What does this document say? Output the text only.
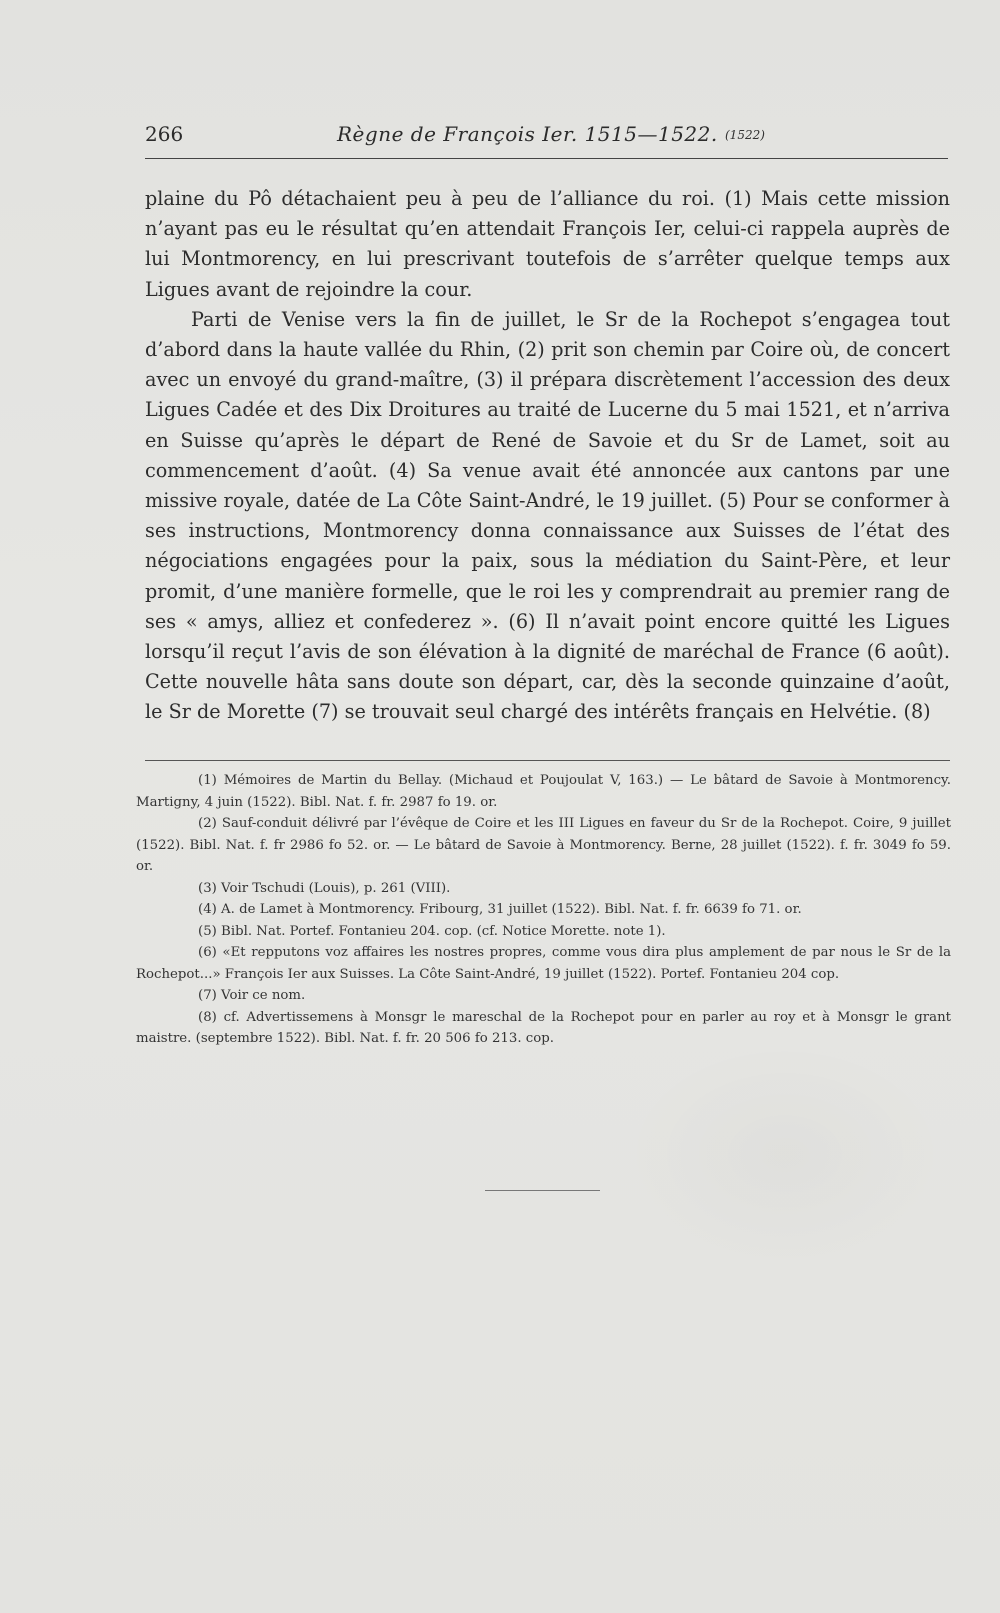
266	Règne de François Ier. 1515—1522. (1522)

plaine du Pô détachaient peu à peu de l’alliance du roi. (1) Mais cette mission n’ayant pas eu le résultat qu’en attendait François Ier, celui-ci rappela auprès de lui Montmorency, en lui prescrivant toutefois de s’arrêter quelque temps aux Ligues avant de rejoindre la cour.

Parti de Venise vers la fin de juillet, le Sr de la Rochepot s’engagea tout d’abord dans la haute vallée du Rhin, (2) prit son chemin par Coire où, de concert avec un envoyé du grand-maître, (3) il prépara discrètement l’accession des deux Ligues Cadée et des Dix Droitures au traité de Lucerne du 5 mai 1521, et n’arriva en Suisse qu’après le départ de René de Savoie et du Sr de Lamet, soit au commencement d’août. (4) Sa venue avait été annoncée aux cantons par une missive royale, datée de La Côte Saint-André, le 19 juillet. (5) Pour se conformer à ses instructions, Montmorency donna connaissance aux Suisses de l’état des négociations engagées pour la paix, sous la médiation du Saint-Père, et leur promit, d’une manière formelle, que le roi les y comprendrait au premier rang de ses « amys, alliez et confederez ». (6) Il n’avait point encore quitté les Ligues lorsqu’il reçut l’avis de son élévation à la dignité de maréchal de France (6 août). Cette nouvelle hâta sans doute son départ, car, dès la seconde quinzaine d’août, le Sr de Morette (7) se trouvait seul chargé des intérêts français en Helvétie. (8)

(1) Mémoires de Martin du Bellay. (Michaud et Poujoulat V, 163.) — Le bâtard de Savoie à Montmorency. Martigny, 4 juin (1522). Bibl. Nat. f. fr. 2987 fo 19. or.

(2) Sauf-conduit délivré par l’évêque de Coire et les III Ligues en faveur du Sr de la Rochepot. Coire, 9 juillet (1522). Bibl. Nat. f. fr 2986 fo 52. or. — Le bâtard de Savoie à Montmorency. Berne, 28 juillet (1522). f. fr. 3049 fo 59. or.

(3) Voir Tschudi (Louis), p. 261 (VIII).

(4) A. de Lamet à Montmorency. Fribourg, 31 juillet (1522). Bibl. Nat. f. fr. 6639 fo 71. or.

(5) Bibl. Nat. Portef. Fontanieu 204. cop. (cf. Notice Morette. note 1).

(6) «Et repputons voz affaires les nostres propres, comme vous dira plus amplement de par nous le Sr de la Rochepot...» François Ier aux Suisses. La Côte Saint-André, 19 juillet (1522). Portef. Fontanieu 204 cop.

(7) Voir ce nom.

(8) cf. Advertissemens à Monsgr le mareschal de la Rochepot pour en parler au roy et à Monsgr le grant maistre. (septembre 1522). Bibl. Nat. f. fr. 20 506 fo 213. cop.
